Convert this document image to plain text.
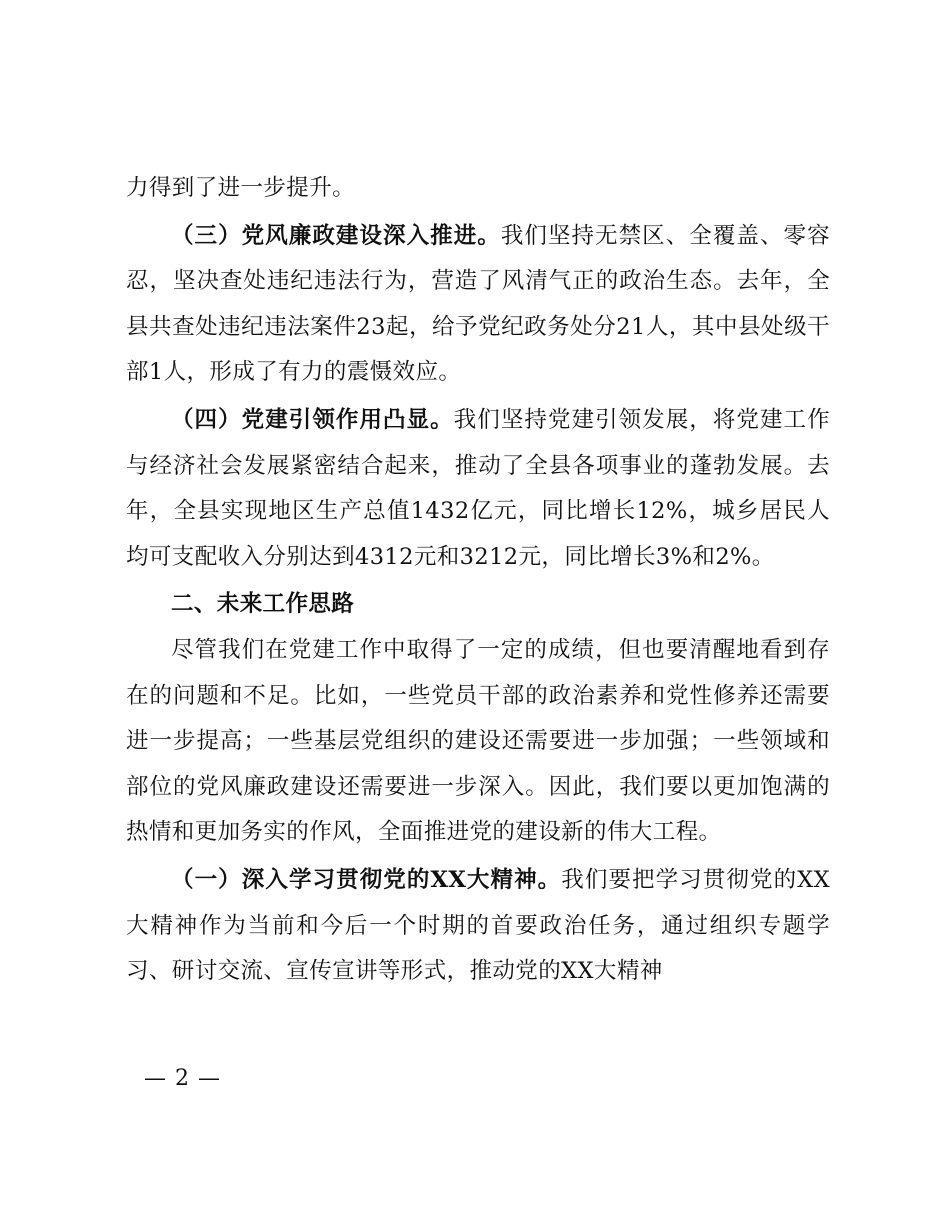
力得到了进一步提升。

（三）党风廉政建设深入推进。我们坚持无禁区、全覆盖、零容忍，坚决查处违纪违法行为，营造了风清气正的政治生态。去年，全县共查处违纪违法案件23起，给予党纪政务处分21人，其中县处级干部1人，形成了有力的震慑效应。

（四）党建引领作用凸显。我们坚持党建引领发展，将党建工作与经济社会发展紧密结合起来，推动了全县各项事业的蓬勃发展。去年，全县实现地区生产总值1432亿元，同比增长12%，城乡居民人均可支配收入分别达到4312元和3212元，同比增长3%和2%。

二、未来工作思路

尽管我们在党建工作中取得了一定的成绩，但也要清醒地看到存在的问题和不足。比如，一些党员干部的政治素养和党性修养还需要进一步提高；一些基层党组织的建设还需要进一步加强；一些领域和部位的党风廉政建设还需要进一步深入。因此，我们要以更加饱满的热情和更加务实的作风，全面推进党的建设新的伟大工程。

（一）深入学习贯彻党的XX大精神。我们要把学习贯彻党的XX大精神作为当前和今后一个时期的首要政治任务，通过组织专题学习、研讨交流、宣传宣讲等形式，推动党的XX大精神

— 2 —
